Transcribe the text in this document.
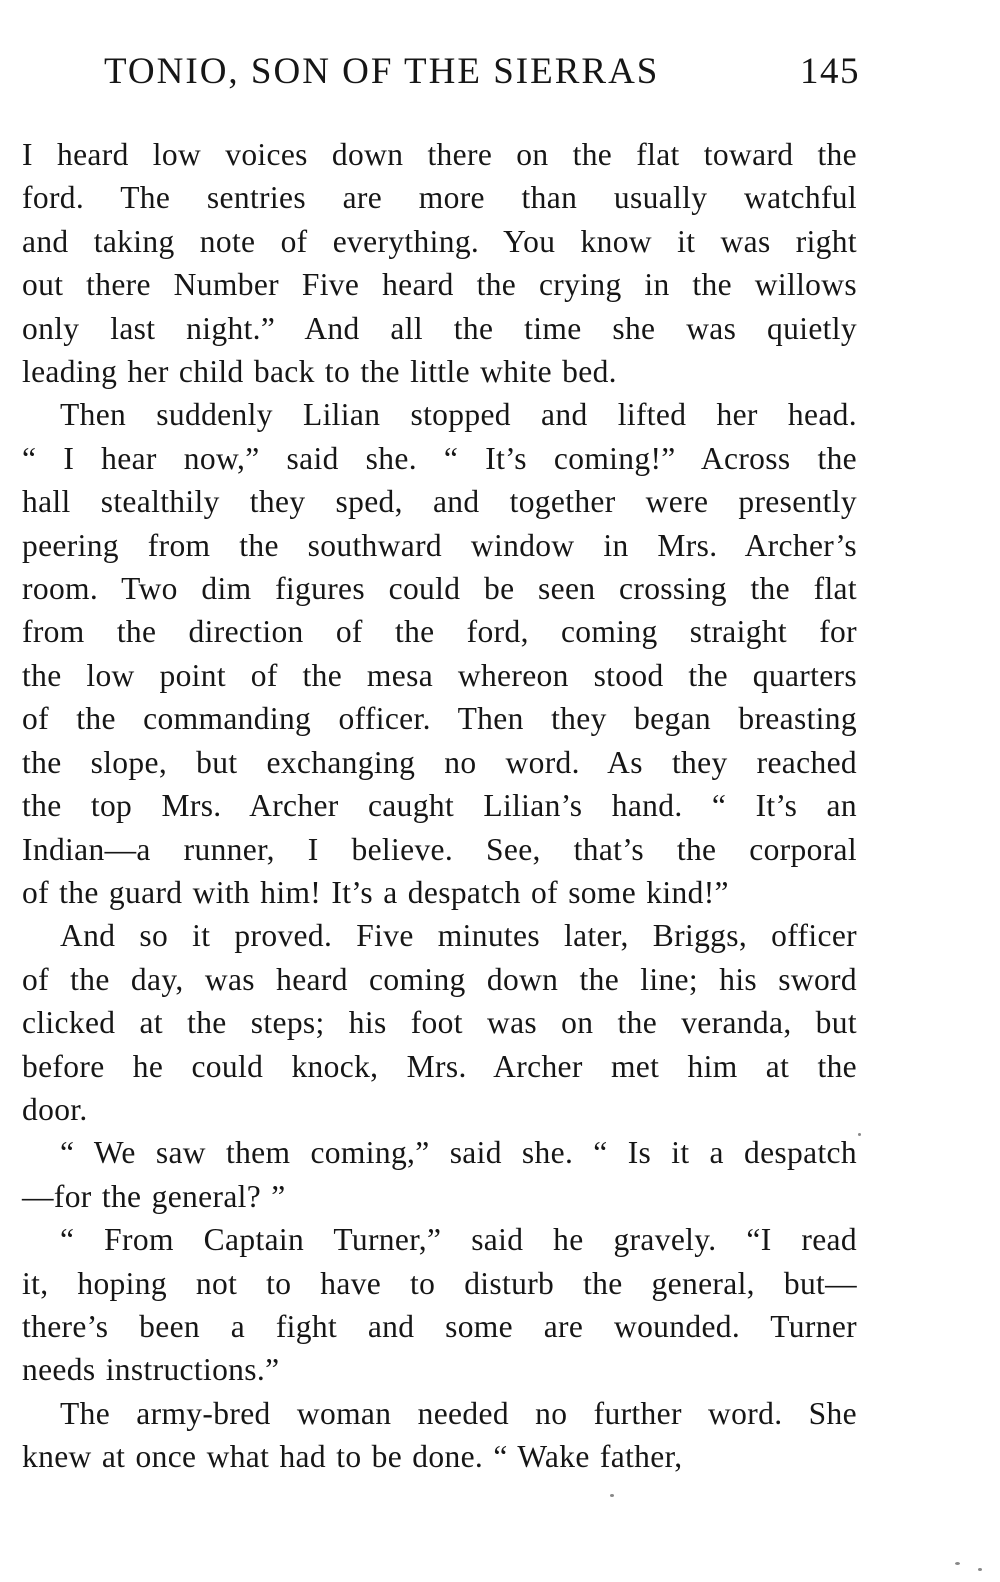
TONIO, SON OF THE SIERRAS	145

I heard low voices down there on the flat toward the
ford. The sentries are more than usually watchful
and taking note of everything. You know it was right
out there Number Five heard the crying in the willows
only last night.” And all the time she was quietly
leading her child back to the little white bed.

Then suddenly Lilian stopped and lifted her head.
“ I hear now,” said she. “ It’s coming!” Across the
hall stealthily they sped, and together were presently
peering from the southward window in Mrs. Archer’s
room. Two dim figures could be seen crossing the flat
from the direction of the ford, coming straight for
the low point of the mesa whereon stood the quarters
of the commanding officer. Then they began breasting
the slope, but exchanging no word. As they reached
the top Mrs. Archer caught Lilian’s hand. “ It’s an
Indian—a runner, I believe. See, that’s the corporal
of the guard with him! It’s a despatch of some kind!”

And so it proved. Five minutes later, Briggs, officer
of the day, was heard coming down the line; his sword
clicked at the steps; his foot was on the veranda, but
before he could knock, Mrs. Archer met him at the
door.

“ We saw them coming,” said she. “ Is it a despatch
—for the general? ”

“ From Captain Turner,” said he gravely. “I read
it, hoping not to have to disturb the general, but—
there’s been a fight and some are wounded. Turner
needs instructions.”

The army-bred woman needed no further word. She
knew at once what had to be done. “ Wake father,
